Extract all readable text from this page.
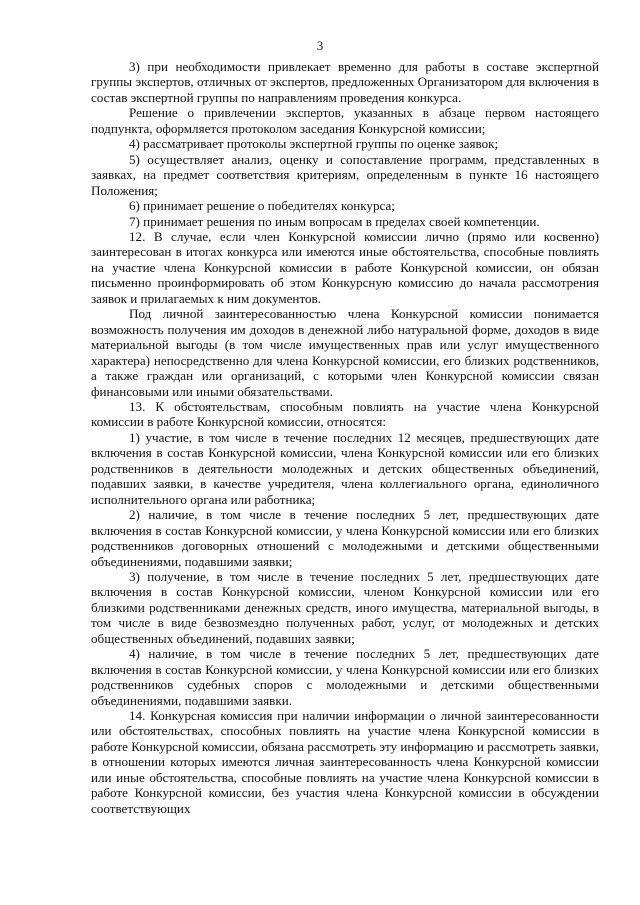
3

3) при необходимости привлекает временно для работы в составе экспертной группы экспертов, отличных от экспертов, предложенных Организатором для включения в состав экспертной группы по направлениям проведения конкурса.

Решение о привлечении экспертов, указанных в абзаце первом настоящего подпункта, оформляется протоколом заседания Конкурсной комиссии;

4) рассматривает протоколы экспертной группы по оценке заявок;

5) осуществляет анализ, оценку и сопоставление программ, представленных в заявках, на предмет соответствия критериям, определенным в пункте 16 настоящего Положения;

6) принимает решение о победителях конкурса;

7) принимает решения по иным вопросам в пределах своей компетенции.

12. В случае, если член Конкурсной комиссии лично (прямо или косвенно) заинтересован в итогах конкурса или имеются иные обстоятельства, способные повлиять на участие члена Конкурсной комиссии в работе Конкурсной комиссии, он обязан письменно проинформировать об этом Конкурсную комиссию до начала рассмотрения заявок и прилагаемых к ним документов.

Под личной заинтересованностью члена Конкурсной комиссии понимается возможность получения им доходов в денежной либо натуральной форме, доходов в виде материальной выгоды (в том числе имущественных прав или услуг имущественного характера) непосредственно для члена Конкурсной комиссии, его близких родственников, а также граждан или организаций, с которыми член Конкурсной комиссии связан финансовыми или иными обязательствами.

13. К обстоятельствам, способным повлиять на участие члена Конкурсной комиссии в работе Конкурсной комиссии, относятся:

1) участие, в том числе в течение последних 12 месяцев, предшествующих дате включения в состав Конкурсной комиссии, члена Конкурсной комиссии или его близких родственников в деятельности молодежных и детских общественных объединений, подавших заявки, в качестве учредителя, члена коллегиального органа, единоличного исполнительного органа или работника;

2) наличие, в том числе в течение последних 5 лет, предшествующих дате включения в состав Конкурсной комиссии, у члена Конкурсной комиссии или его близких родственников договорных отношений с молодежными и детскими общественными объединениями, подавшими заявки;

3) получение, в том числе в течение последних 5 лет, предшествующих дате включения в состав Конкурсной комиссии, членом Конкурсной комиссии или его близкими родственниками денежных средств, иного имущества, материальной выгоды, в том числе в виде безвозмездно полученных работ, услуг, от молодежных и детских общественных объединений, подавших заявки;

4) наличие, в том числе в течение последних 5 лет, предшествующих дате включения в состав Конкурсной комиссии, у члена Конкурсной комиссии или его близких родственников судебных споров с молодежными и детскими общественными объединениями, подавшими заявки.

14. Конкурсная комиссия при наличии информации о личной заинтересованности или обстоятельствах, способных повлиять на участие члена Конкурсной комиссии в работе Конкурсной комиссии, обязана рассмотреть эту информацию и рассмотреть заявки, в отношении которых имеются личная заинтересованность члена Конкурсной комиссии или иные обстоятельства, способные повлиять на участие члена Конкурсной комиссии в работе Конкурсной комиссии, без участия члена Конкурсной комиссии в обсуждении соответствующих
